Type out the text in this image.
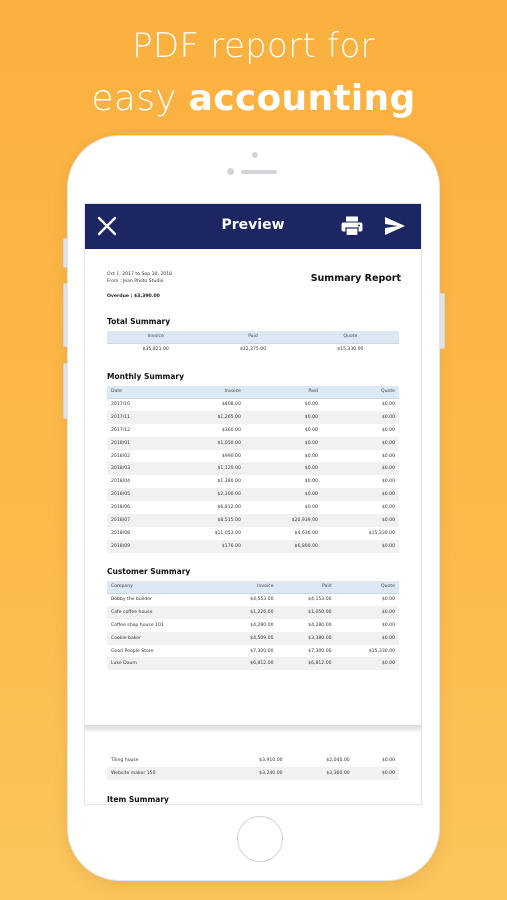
PDF report for
easy accounting
Preview
Oct 1, 2017 to Sep 30, 2018
From : Jean Photo Studio
Overdue : $3,390.00
Summary Report
Total Summary
Invoice	Paid	Quote
$35,821.00	$32,375.00	$15,330.00
Monthly Summary
Date	Invoice	Paid	Quote
2017/10	$808.00	$0.00	$0.00
2017/11	$1,265.00	$0.00	$0.00
2017/12	$360.00	$0.00	$0.00
2018/01	$1,050.00	$0.00	$0.00
2018/02	$990.00	$0.00	$0.00
2018/03	$1,120.00	$0.00	$0.00
2018/04	$1,380.00	$0.00	$0.00
2018/05	$2,300.00	$0.00	$0.00
2018/06	$6,812.00	$0.00	$0.00
2018/07	$8,515.00	$20,939.00	$0.00
2018/08	$11,053.00	$4,636.00	$15,330.00
2018/09	$176.00	$6,800.00	$0.00
Customer Summary
Company	Invoice	Paid	Quote
Bobby the builder	$4,553.00	$4,153.00	$0.00
Cafe coffee house	$1,226.00	$1,050.00	$0.00
Coffee shop house 101	$4,280.00	$4,280.00	$0.00
Cookie baker	$4,509.00	$3,380.00	$0.00
Good People Store	$7,300.00	$7,300.00	$15,330.00
Luke Daum	$6,812.00	$6,812.00	$0.00
Tiling house	$3,910.00	$2,040.00	$0.00
Website maker 150	$3,240.00	$3,360.00	$0.00
Item Summary
